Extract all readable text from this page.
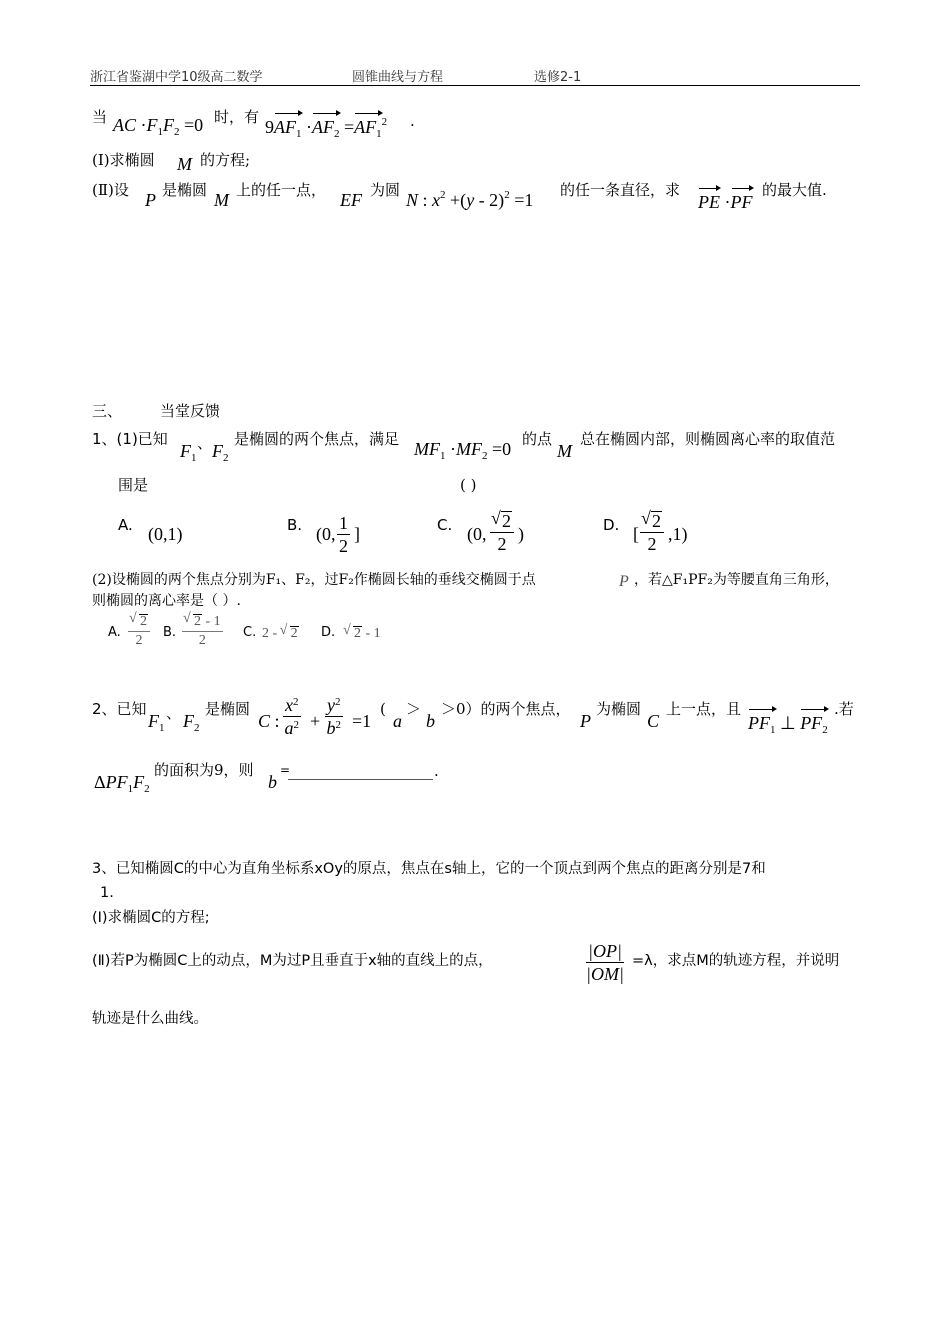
浙江省鉴湖中学10级高二数学	圆锥曲线与方程	选修2-1
当 AC $\cdot F_1F_2 =0$ 时，有 $9AF_1 \cdot AF_2 =AF_1^2$ .
(Ⅰ)求椭圆 M 的方程;
(Ⅱ)设 P 是椭圆 M 上的任一点， EF 为圆 N : $x^2 +(y - 2)^2 =1$ 的任一条直径，求
PE ·PF
的最大值.
三、	当堂反馈
1、(1)已知
$F_1$
、 $F_2$
是椭圆的两个焦点，满足 $MF_1 \cdot MF_2 =0$ 的点
M
总在椭圆内部，则椭圆离心率的取值范
围是	( )
A. (0,1)	B. (0, $\frac{1}{2}$ ]	C. (0, √ $\frac{2}{2}$ )	D. [ √ $\frac{2}{2} ,1$)
(2)设椭圆的两个焦点分别为F₁、F₂，过F₂作椭圆长轴的垂线交椭圆于点	P ，若△F₁PF₂为等腰直角三角形，
则椭圆的离心率是（ ）.
A. √ $\frac{2}{2} B$. √ $\frac{2 - 1}{2} C$. 2 - √ 2 D.	√ 2 - 1
2、已知
$F_1$
、 $F_2$
是椭圆
C : $\frac{x^2}{a^2} + \frac{y^2}{b^2} =1$
(
a
＞
b
＞0）的两个焦点，
P
为椭圆
C
上一点，且
$PF_1$ ⊥ $PF_2$
.若
$\Delta PF_1F_2$
的面积为9，则
b
=	.
3、已知椭圆C的中心为直角坐标系xOy的原点，焦点在s轴上，它的一个顶点到两个焦点的距离分别是7和
1.
(Ⅰ)求椭圆C的方程;
(Ⅱ)若P为椭圆C上的动点，M为过P且垂直于x轴的直线上的点，	$\frac{|OP|}{|OM|} =\lambda$，求点M的轨迹方程，并说明
轨迹是什么曲线。
